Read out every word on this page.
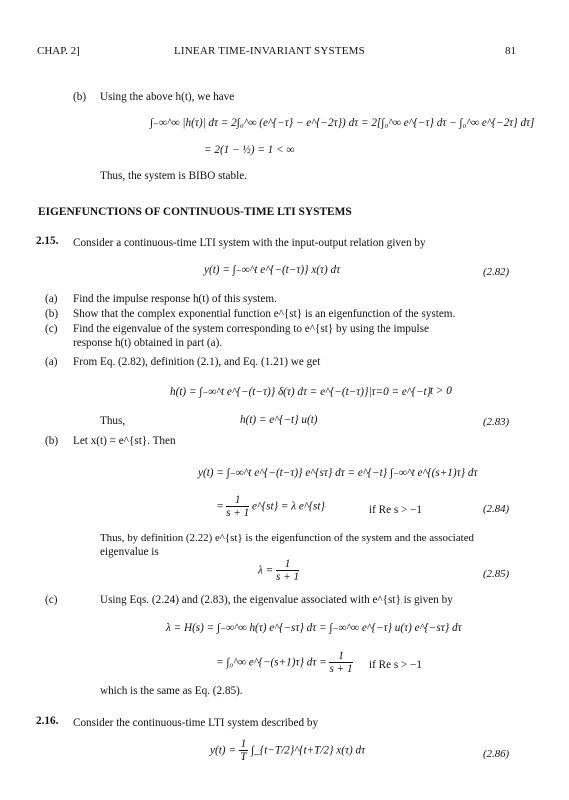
CHAP. 2]	LINEAR TIME-INVARIANT SYSTEMS	81
(b) Using the above h(t), we have
∫₋∞^∞ |h(τ)| dτ = 2∫₀^∞ (e^{−τ} − e^{−2τ}) dτ = 2[∫₀^∞ e^{−τ} dτ − ∫₀^∞ e^{−2τ} dτ]
= 2(1 − ½) = 1 < ∞
Thus, the system is BIBO stable.
EIGENFUNCTIONS OF CONTINUOUS-TIME LTI SYSTEMS
2.15. Consider a continuous-time LTI system with the input-output relation given by
y(t) = ∫₋∞^t e^{−(t−τ)} x(τ) dτ	(2.82)
(a) Find the impulse response h(t) of this system.
(b) Show that the complex exponential function e^{st} is an eigenfunction of the system.
(c) Find the eigenvalue of the system corresponding to e^{st} by using the impulse
response h(t) obtained in part (a).
(a) From Eq. (2.82), definition (2.1), and Eq. (1.21) we get
h(t) = ∫₋∞^t e^{−(t−τ)} δ(τ) dτ = e^{−(t−τ)}|τ=0 = e^{−t}
t > 0
Thus,	h(t) = e^{−t} u(t)	(2.83)
(b) Let x(t) = e^{st}. Then
y(t) = ∫₋∞^t e^{−(t−τ)} e^{sτ} dτ = e^{−t} ∫₋∞^t e^{(s+1)τ} dτ
= $\frac{1}{s + 1}$ e^{st} = λ e^{st}	if Re s > −1	(2.84)
Thus, by definition (2.22) e^{st} is the eigenfunction of the system and the associated
eigenvalue is
$\lambda = \frac{1}{s + 1}$	(2.85)
(c)	Using Eqs. (2.24) and (2.83), the eigenvalue associated with e^{st} is given by
λ = H(s) = ∫₋∞^∞ h(τ) e^{−sτ} dτ = ∫₋∞^∞ e^{−τ} u(τ) e^{−sτ} dτ
= ∫₀^∞ e^{−(s+1)τ} $d\tau = \frac{1}{s + 1}$ if Re s > −1
which is the same as Eq. (2.85).
2.16. Consider the continuous-time LTI system described by
$y(t) = \frac{1}{T}$ ∫_{t−T/2}^{t+T/2} x(τ) dτ	(2.86)
